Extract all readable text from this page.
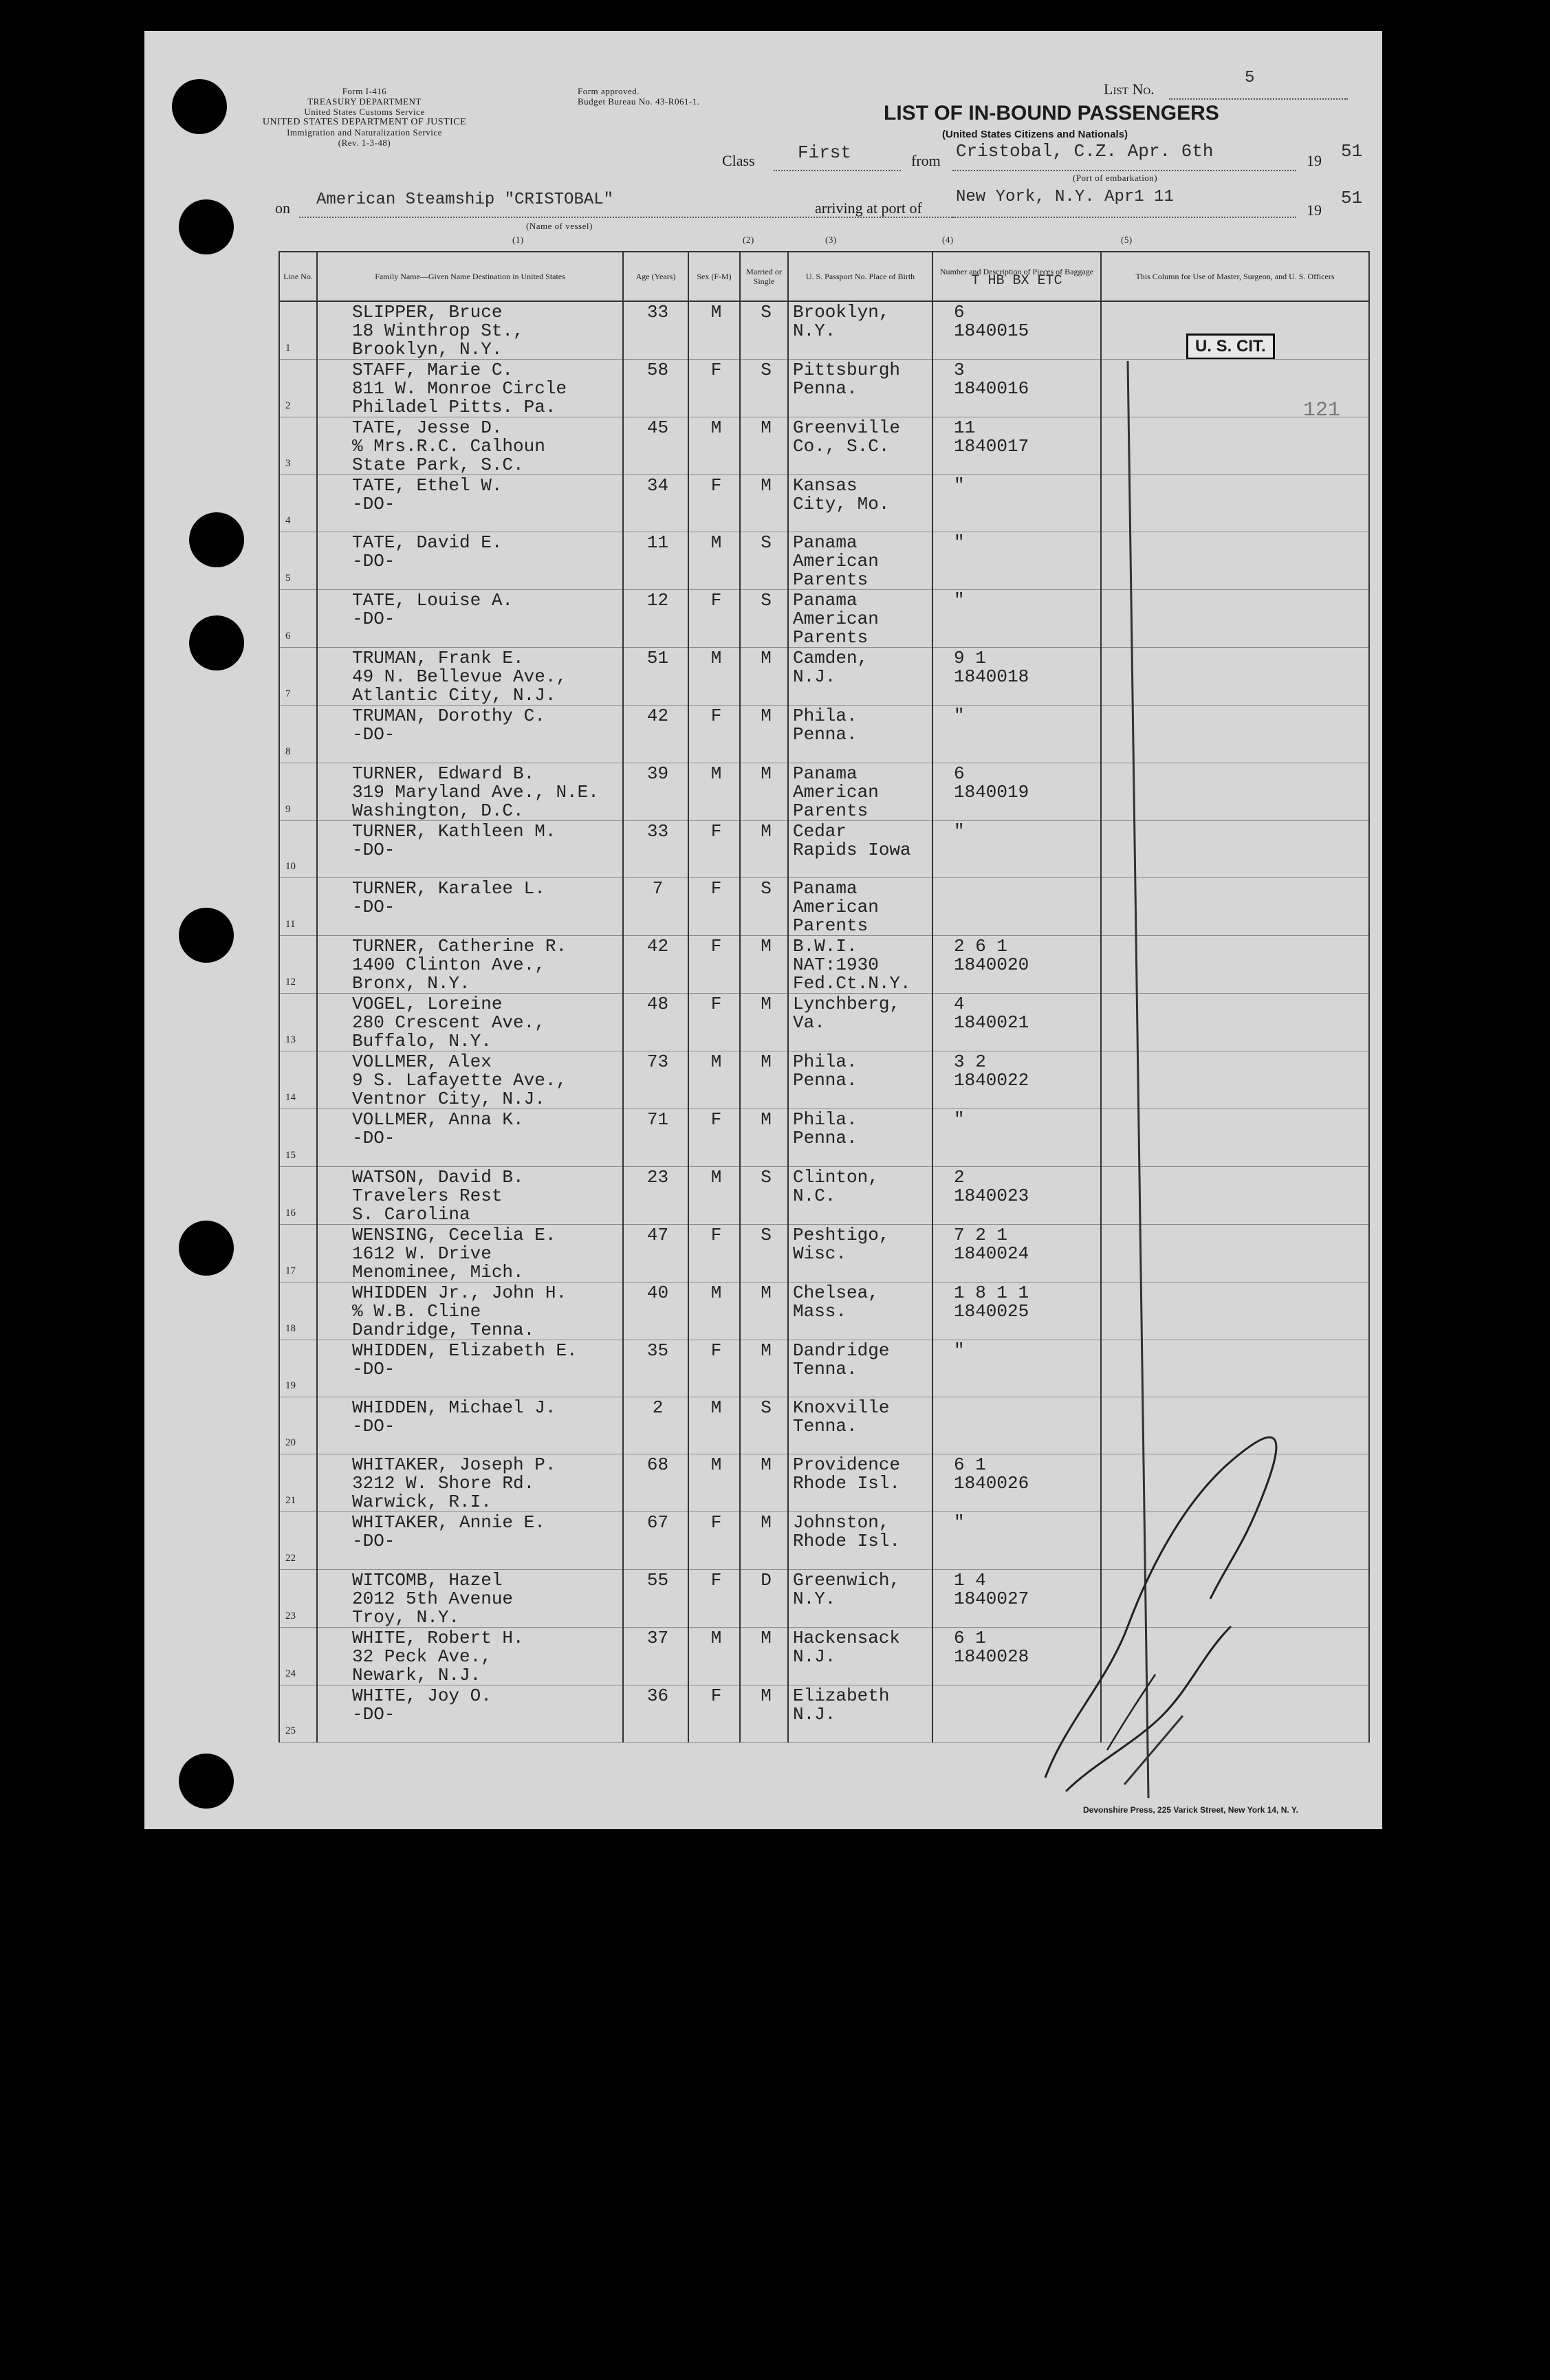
Form I-416
TREASURY DEPARTMENT
United States Customs Service
UNITED STATES DEPARTMENT OF JUSTICE
Immigration and Naturalization Service
(Rev. 1-3-48)
Form approved.
Budget Bureau No. 43-R061-1.
List No.
5
LIST OF IN-BOUND PASSENGERS
(United States Citizens and Nationals)
Class First	from Cristobal, C.Z. Apr. 6th	19 51
(Port of embarkation)
on American Steamship "CRISTOBAL"
(Name of vessel)
arriving at port of
New York, N.Y. Apr1 11
19
51
(1)	(2)	(3)	(4)	(5)
U. S. CIT.
121
Line No.	Family Name—Given Name Destination in United States	Age (Years)	Sex (F-M)	Married or Single	U. S. Passport No. Place of Birth	Number and Description of Pieces of Baggage
T HB BX ETC	This Column for Use of Master, Surgeon, and U. S. Officers

1	SLIPPER, Bruce
18 Winthrop St.,
Brooklyn, N.Y.	33	M	S	Brooklyn,
N.Y.	6
1840015	

2	STAFF, Marie C.
811 W. Monroe Circle
Philadel Pitts. Pa.	58	F	S	Pittsburgh
Penna.	3
1840016	

3	TATE, Jesse D.
% Mrs.R.C. Calhoun
State Park, S.C.	45	M	M	Greenville
Co., S.C.	11
1840017	

4	TATE, Ethel W.
-DO-	34	F	M	Kansas
City, Mo.	"	

5	TATE, David E.
-DO-	11	M	S	Panama
American Parents	"	

6	TATE, Louise A.
-DO-	12	F	S	Panama
American Parents	"	

7	TRUMAN, Frank E.
49 N. Bellevue Ave.,
Atlantic City, N.J.	51	M	M	Camden,
N.J.	9 1
1840018	

8	TRUMAN, Dorothy C.
-DO-	42	F	M	Phila.
Penna.	"	

9	TURNER, Edward B.
319 Maryland Ave., N.E.
Washington, D.C.	39	M	M	Panama
American Parents	6
1840019	

10	TURNER, Kathleen M.
-DO-	33	F	M	Cedar
Rapids Iowa	"	

11	TURNER, Karalee L.
-DO-	7	F	S	Panama
American Parents		

12	TURNER, Catherine R.
1400 Clinton Ave.,
Bronx, N.Y.	42	F	M	B.W.I.
NAT:1930 Fed.Ct.N.Y.	2 6 1
1840020	

13	VOGEL, Loreine
280 Crescent Ave.,
Buffalo, N.Y.	48	F	M	Lynchberg,
Va.	4
1840021	

14	VOLLMER, Alex
9 S. Lafayette Ave.,
Ventnor City, N.J.	73	M	M	Phila.
Penna.	3 2
1840022	

15	VOLLMER, Anna K.
-DO-	71	F	M	Phila.
Penna.	"	

16	WATSON, David B.
Travelers Rest
S. Carolina	23	M	S	Clinton,
N.C.	2
1840023	

17	WENSING, Cecelia E.
1612 W. Drive
Menominee, Mich.	47	F	S	Peshtigo,
Wisc.	7 2 1
1840024	

18	WHIDDEN Jr., John H.
% W.B. Cline
Dandridge, Tenna.	40	M	M	Chelsea,
Mass.	1 8 1 1
1840025	

19	WHIDDEN, Elizabeth E.
-DO-	35	F	M	Dandridge
Tenna.	"	

20	WHIDDEN, Michael J.
-DO-	2	M	S	Knoxville
Tenna.		

21	WHITAKER, Joseph P.
3212 W. Shore Rd.
Warwick, R.I.	68	M	M	Providence
Rhode Isl.	6 1
1840026	

22	WHITAKER, Annie E.
-DO-	67	F	M	Johnston,
Rhode Isl.	"	

23	WITCOMB, Hazel
2012 5th Avenue
Troy, N.Y.	55	F	D	Greenwich,
N.Y.	1 4
1840027	

24	WHITE, Robert H.
32 Peck Ave.,
Newark, N.J.	37	M	M	Hackensack
N.J.	6 1
1840028	

25	WHITE, Joy O.
-DO-	36	F	M	Elizabeth
N.J.		

Devonshire Press, 225 Varick Street, New York 14, N. Y.
